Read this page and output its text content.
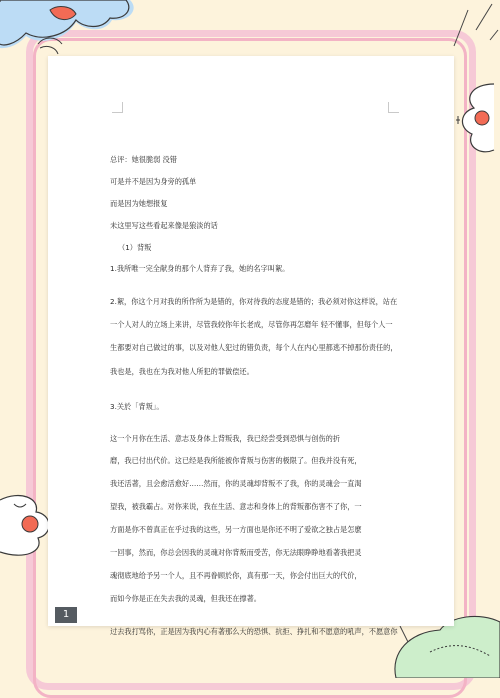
总评：她很脆弱 没错
可是并不是因为身旁的孤单
而是因为她想报复
未这里写这些看起来像是狼淡的话
（1）背叛
1.我所唯一完全献身的那个人背弃了我，她的名字叫絮。
2.絮，你这个月对我的所作所为是错的，你对待我的态度是错的；我必须对你这样说，站在
一个人对人的立场上来讲，尽管我较你年长老成，尽管你再怎磨年 轻不懂事，但每个人一
生都要对自己做过的事，以及对他人犯过的错负责，每个人在内心里都逃不掉那份责任的，
我也是，我也在为我对他人所犯的罪做偿还。
3.关於「背叛」。
这一个月你在生活、意志及身体上背叛我，我已经尝受到恐惧与创伤的折
磨，我已付出代价。这已经是我所能被你背叛与伤害的极限了。但我并没有死，
我还活著，且会愈活愈好……然而，你的灵魂却背叛不了我，你的灵魂会一直渴
望我，被我霸占。对你来说，我在生活、意志和身体上的背叛都伤害不了你，一
方面是你不曾真正在乎过我的这些，另一方面也是你还不明了爱欲之独占是怎麽
一回事，然而，你总会因我的灵魂对你背叛而受苦，你无法眼睁睁地看著我把灵
魂彻底地给予另一个人，且不再眷顾於你，真有那一天，你会付出巨大的代价，
而如今你是正在失去我的灵魂，但我还在撑著。
过去我打骂你，正是因为我内心有著那么大的恐惧、抗拒、挣扎和不愿意的吼声，不愿意你
1
